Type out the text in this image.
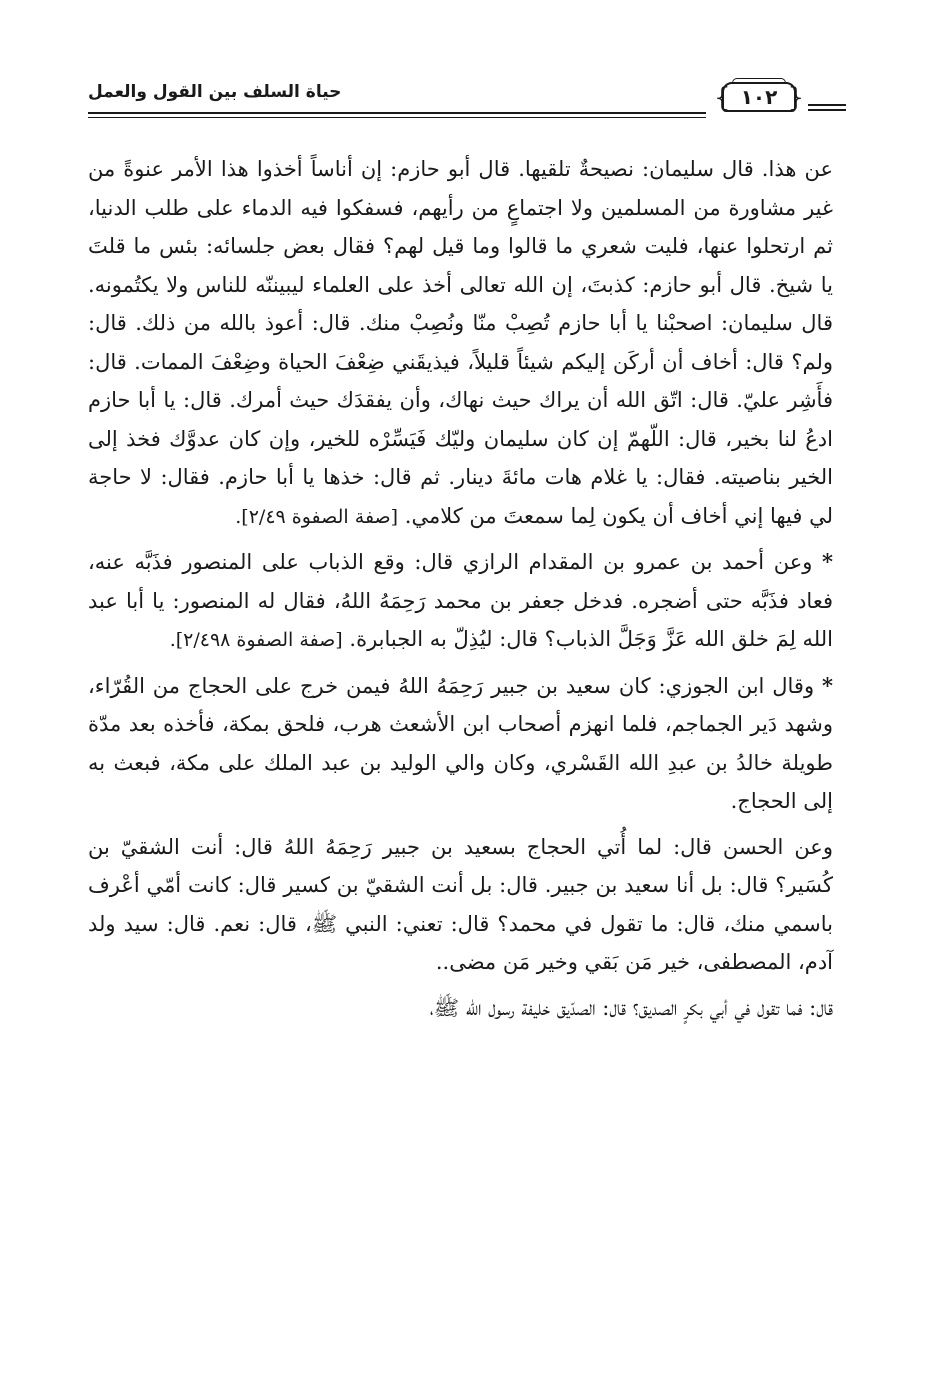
حياة السلف بين القول والعمل	{ }
١٠٢

عن هذا. قال سليمان: نصيحةٌ تلقيها. قال أبو حازم: إن أناساً أخذوا هذا الأمر عنوةً من غير مشاورة من المسلمين ولا اجتماعٍ من رأيهم، فسفكوا فيه الدماء على طلب الدنيا، ثم ارتحلوا عنها، فليت شعري ما قالوا وما قيل لهم؟ فقال بعض جلسائه: بئس ما قلتَ يا شيخ. قال أبو حازم: كذبتَ، إن الله تعالى أخذ على العلماء ليبيننّه للناس ولا يكتُمونه. قال سليمان: اصحبْنا يا أبا حازم تُصِبْ منّا ونُصِبْ منك. قال: أعوذ بالله من ذلك. قال: ولم؟ قال: أخاف أن أركَن إليكم شيئاً قليلاً، فيذيقَني ضِعْفَ الحياة وضِعْفَ الممات. قال: فأَشِر عليّ. قال: اتّق الله أن يراك حيث نهاك، وأن يفقدَك حيث أمرك. قال: يا أبا حازم ادعُ لنا بخير، قال: اللّهمّ إن كان سليمان وليّك فَيَسِّرْه للخير، وإن كان عدوَّك فخذ إلى الخير بناصيته. فقال: يا غلام هات مائةَ دينار. ثم قال: خذها يا أبا حازم. فقال: لا حاجة لي فيها إني أخاف أن يكون لِما سمعتَ من كلامي. [صفة الصفوة ٢/٤٩].

* وعن أحمد بن عمرو بن المقدام الرازي قال: وقع الذباب على المنصور فذَبَّه عنه، فعاد فذَبَّه حتى أضجره. فدخل جعفر بن محمد رَحِمَهُ اللهُ، فقال له المنصور: يا أبا عبد الله لِمَ خلق الله عَزَّ وَجَلَّ الذباب؟ قال: ليُذِلّ به الجبابرة. [صفة الصفوة ٢/٤٩٨].

* وقال ابن الجوزي: كان سعيد بن جبير رَحِمَهُ اللهُ فيمن خرج على الحجاج من القُرّاء، وشهد دَير الجماجم، فلما انهزم أصحاب ابن الأشعث هرب، فلحق بمكة، فأخذه بعد مدّة طويلة خالدُ بن عبدِ الله القَسْري، وكان والي الوليد بن عبد الملك على مكة، فبعث به إلى الحجاج.

وعن الحسن قال: لما أُتي الحجاج بسعيد بن جبير رَحِمَهُ اللهُ قال: أنت الشقيّ بن كُسَير؟ قال: بل أنا سعيد بن جبير. قال: بل أنت الشقيّ بن كسير قال: كانت أمّي أعْرف باسمي منك، قال: ما تقول في محمد؟ قال: تعني: النبي ﷺ، قال: نعم. قال: سيد ولد آدم، المصطفى، خير مَن بَقي وخير مَن مضى..

قال: فما تقول في أبي بكرٍ الصديق؟ قال: الصدّيق خليفة رسول الله ﷺ،
